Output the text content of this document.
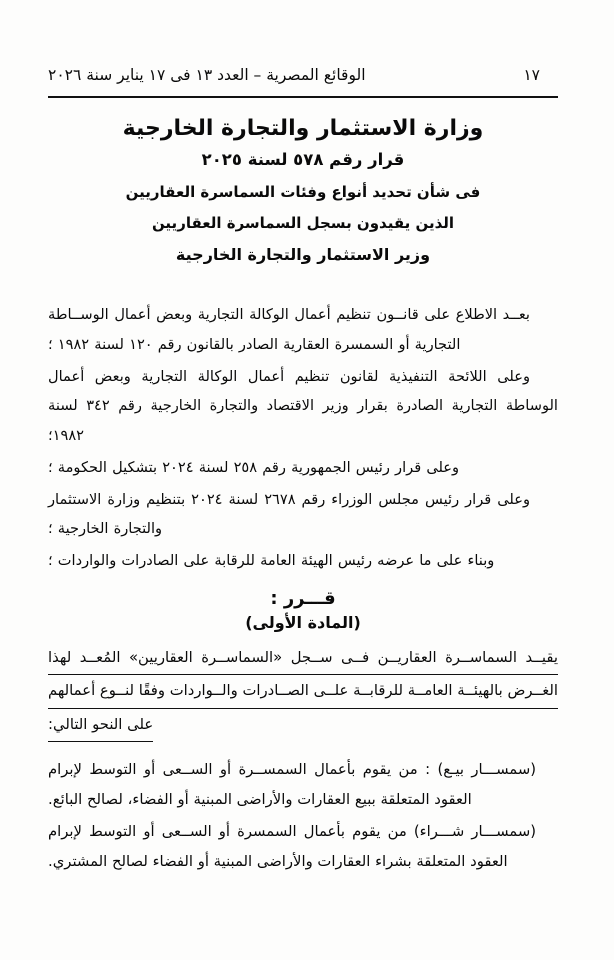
الوقائع المصرية – العدد ١٣ فى ١٧ يناير سنة ٢٠٢٦	١٧
وزارة الاستثمار والتجارة الخارجية
قرار رقم ٥٧٨ لسنة ٢٠٢٥
فى شأن تحديد أنواع وفئات السماسرة العقاريين
الذين يقيدون بسجل السماسرة العقاريين
وزير الاستثمار والتجارة الخارجية

بعــد الاطلاع على قانــون تنظيم أعمال الوكالة التجارية وبعض أعمال الوســاطة التجارية أو السمسرة العقارية الصادر بالقانون رقم ١٢٠ لسنة ١٩٨٢ ؛

وعلى اللائحة التنفيذية لقانون تنظيم أعمال الوكالة التجارية وبعض أعمال الوساطة التجارية الصادرة بقرار وزير الاقتصاد والتجارة الخارجية رقم ٣٤٢ لسنة ١٩٨٢؛

وعلى قرار رئيس الجمهورية رقم ٢٥٨ لسنة ٢٠٢٤ بتشكيل الحكومة ؛

وعلى قرار رئيس مجلس الوزراء رقم ٢٦٧٨ لسنة ٢٠٢٤ بتنظيم وزارة الاستثمار والتجارة الخارجية ؛

وبناء على ما عرضه رئيس الهيئة العامة للرقابة على الصادرات والواردات ؛

قـــرر :
(المادة الأولى)

يقيــد السماســرة العقاريــن فــى ســجل «السماســرة العقاريين» المُعــد لهذا

الغــرض بالهيئــة العامــة للرقابــة علــى الصــادرات والــواردات وفقًا لنــوع أعمالهم

على النحو التالي:

(سمســـار بيـع) : من يقوم بأعمال السمســرة أو الســعى أو التوسط لإبرام العقود المتعلقة ببيع العقارات والأراضى المبنية أو الفضاء، لصالح البائع.

(سمســـار شـــراء) من يقوم بأعمال السمسرة أو الســعى أو التوسط لإبرام العقود المتعلقة بشراء العقارات والأراضى المبنية أو الفضاء لصالح المشتري.
